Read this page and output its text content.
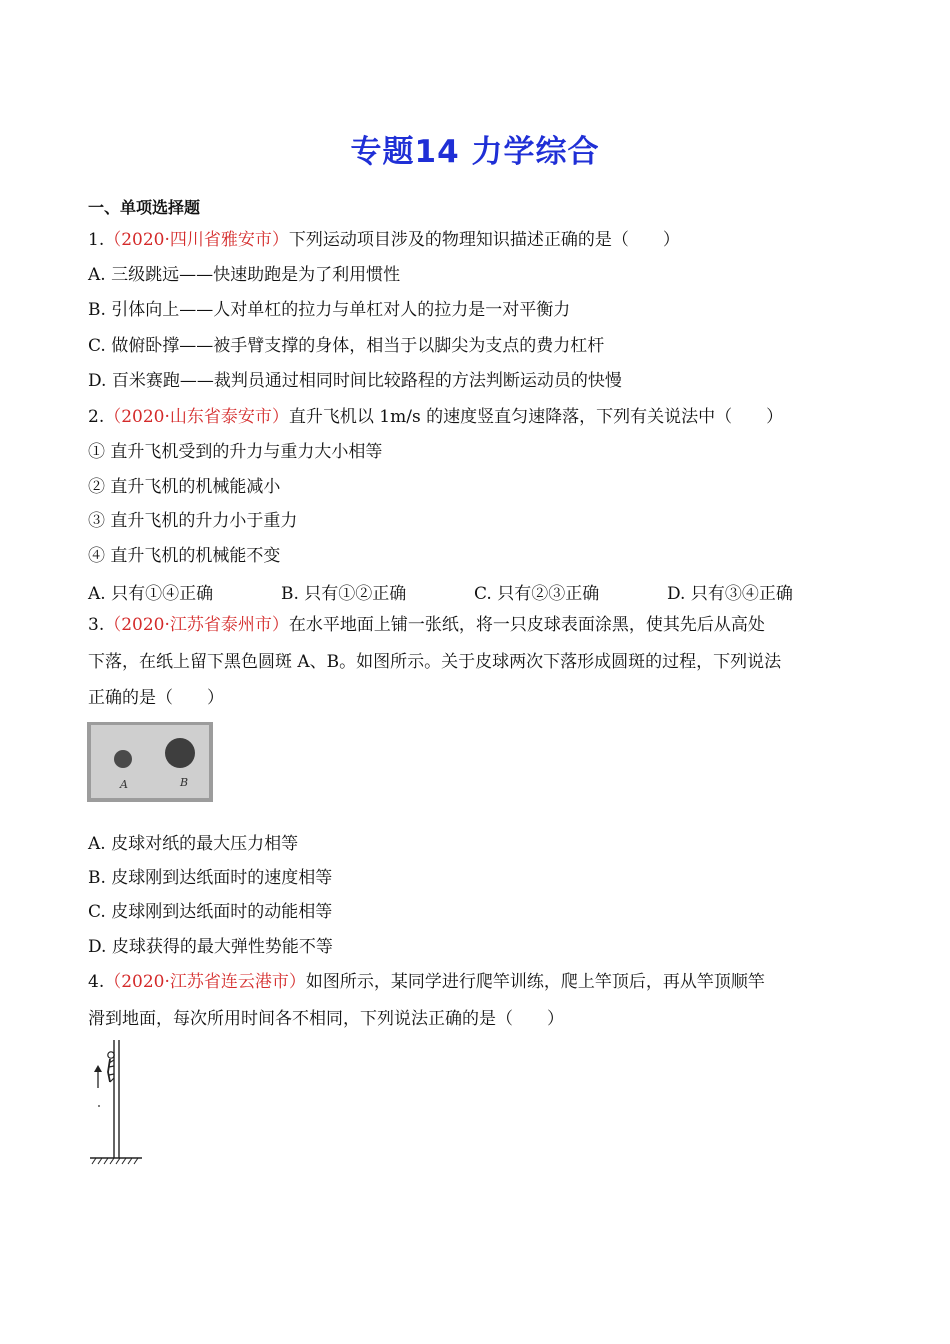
专题14 力学综合
一、单项选择题
1.（2020·四川省雅安市）下列运动项目涉及的物理知识描述正确的是（　　）
A. 三级跳远——快速助跑是为了利用惯性
B. 引体向上——人对单杠的拉力与单杠对人的拉力是一对平衡力
C. 做俯卧撑——被手臂支撑的身体，相当于以脚尖为支点的费力杠杆
D. 百米赛跑——裁判员通过相同时间比较路程的方法判断运动员的快慢
2.（2020·山东省泰安市）直升飞机以 1m/s 的速度竖直匀速降落，下列有关说法中（　　）
① 直升飞机受到的升力与重力大小相等
② 直升飞机的机械能减小
③ 直升飞机的升力小于重力
④ 直升飞机的机械能不变
A. 只有①④正确	B. 只有①②正确	C. 只有②③正确	D. 只有③④正确
3.（2020·江苏省泰州市）在水平地面上铺一张纸，将一只皮球表面涂黑，使其先后从高处
下落，在纸上留下黑色圆斑 A、B。如图所示。关于皮球两次下落形成圆斑的过程，下列说法
正确的是（　　）
A	B
A. 皮球对纸的最大压力相等
B. 皮球刚到达纸面时的速度相等
C. 皮球刚到达纸面时的动能相等
D. 皮球获得的最大弹性势能不等
4.（2020·江苏省连云港市）如图所示，某同学进行爬竿训练，爬上竿顶后，再从竿顶顺竿
滑到地面，每次所用时间各不相同，下列说法正确的是（　　）
